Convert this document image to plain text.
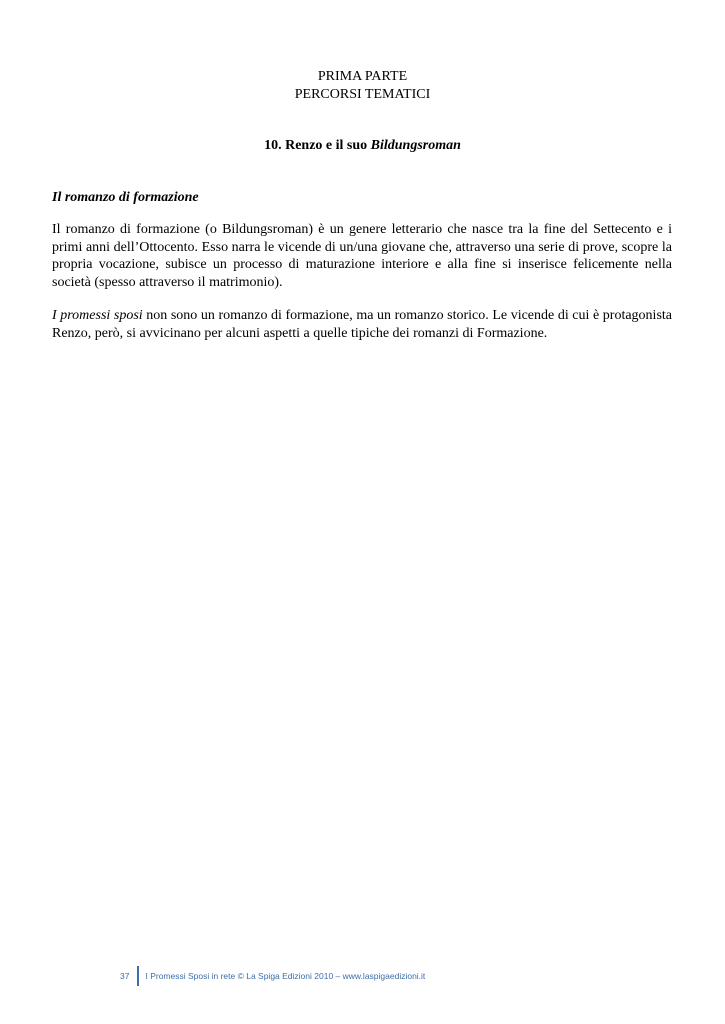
PRIMA PARTE
PERCORSI TEMATICI
10. Renzo e il suo Bildungsroman
Il romanzo di formazione
Il romanzo di formazione (o Bildungsroman) è un genere letterario che nasce tra la fine del Settecento e i primi anni dell’Ottocento. Esso narra le vicende di un/una giovane che, attraverso una serie di prove, scopre la propria vocazione, subisce un processo di maturazione interiore e alla fine si inserisce felicemente nella società (spesso attraverso il matrimonio).
I promessi sposi non sono un romanzo di formazione, ma un romanzo storico. Le vicende di cui è protagonista Renzo, però, si avvicinano per alcuni aspetti a quelle tipiche dei romanzi di Formazione.
37 I Promessi Sposi in rete © La Spiga Edizioni 2010 – www.laspigaedizioni.it
